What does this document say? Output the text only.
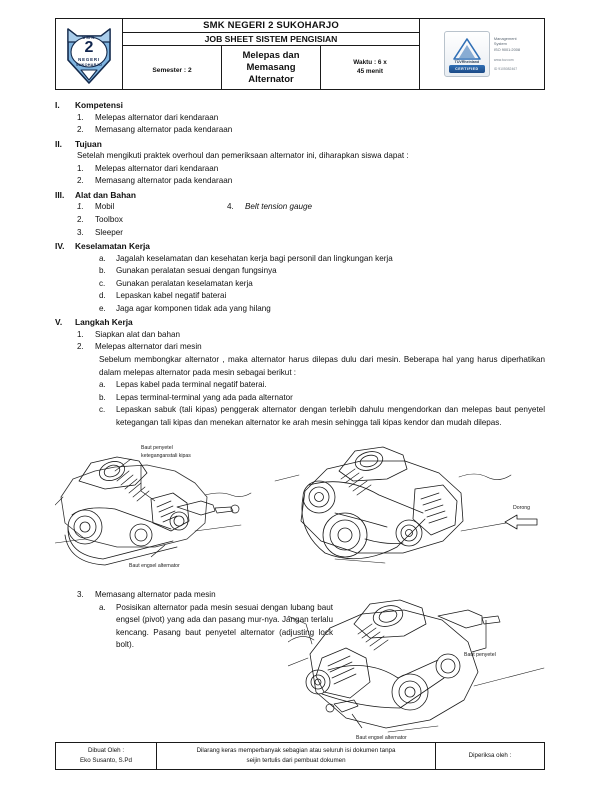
SMK
2
NEGERI
SUKOHARJO
	SMK NEGERI 2 SUKOHARJO	
TÜVRheinland
CERTIFIED
Management
System
ISO 9001:2008
www.tuv.com
ID 9105082467

	JOB SHEET SISTEM PENGISIAN			
Semester : 2	Melepas dan Memasang
Alternator	
Waktu : 6 x
45 menit
I.	Kompetensi
1.	Melepas alternator dari kendaraan
2.	Memasang alternator pada kendaraan
II.	Tujuan
Setelah mengikuti praktek overhoul dan pemeriksaan alternator ini, diharapkan siswa dapat :
1.	Melepas alternator dari kendaraan
2.	Memasang alternator pada kendaraan
III.	Alat dan Bahan
1.	Mobil
2.	Toolbox
3.	Sleeper
4.	Belt tension gauge
IV.	Keselamatan Kerja
a.	Jagalah keselamatan dan kesehatan kerja bagi personil dan lingkungan kerja
b.	Gunakan peralatan sesuai dengan fungsinya
c.	Gunakan peralatan keselamatan kerja
d.	Lepaskan kabel negatif baterai
e.	Jaga agar komponen tidak ada yang hilang
V.	Langkah Kerja
1.	Siapkan alat dan bahan
2.	Melepas alternator dari mesin
Sebelum membongkar alternator , maka alternator harus dilepas dulu dari mesin. Beberapa hal yang harus diperhatikan dalam melepas alternator pada mesin sebagai berikut :
a.	Lepas kabel pada terminal negatif baterai.
b.	Lepas terminal-terminal yang ada pada alternator
c.	Lepaskan sabuk (tali kipas) penggerak alternator dengan terlebih dahulu mengendorkan dan melepas baut penyetel ketegangan tali kipas dan menekan alternator ke arah mesin sehingga tali kipas kendor dan mudah dilepas.
Baut penyetel
keteganganstali kipas
Baut engsel alternator
Dorong
3.	Memasang alternator pada mesin
a.	Posisikan alternator pada mesin sesuai dengan lubang baut engsel (pivot) yang ada dan pasang mur-nya. Jangan terlalu kencang. Pasang baut penyetel alternator (adjusting lock bolt).
Baut penyetel
Baut engsel alternator
Dibuat Oleh :
Eko Susanto, S.Pd

Dilarang keras memperbanyak sebagian atau seluruh isi dokumen tanpa
seijin tertulis dari pembuat dokumen

Diperiksa oleh :
